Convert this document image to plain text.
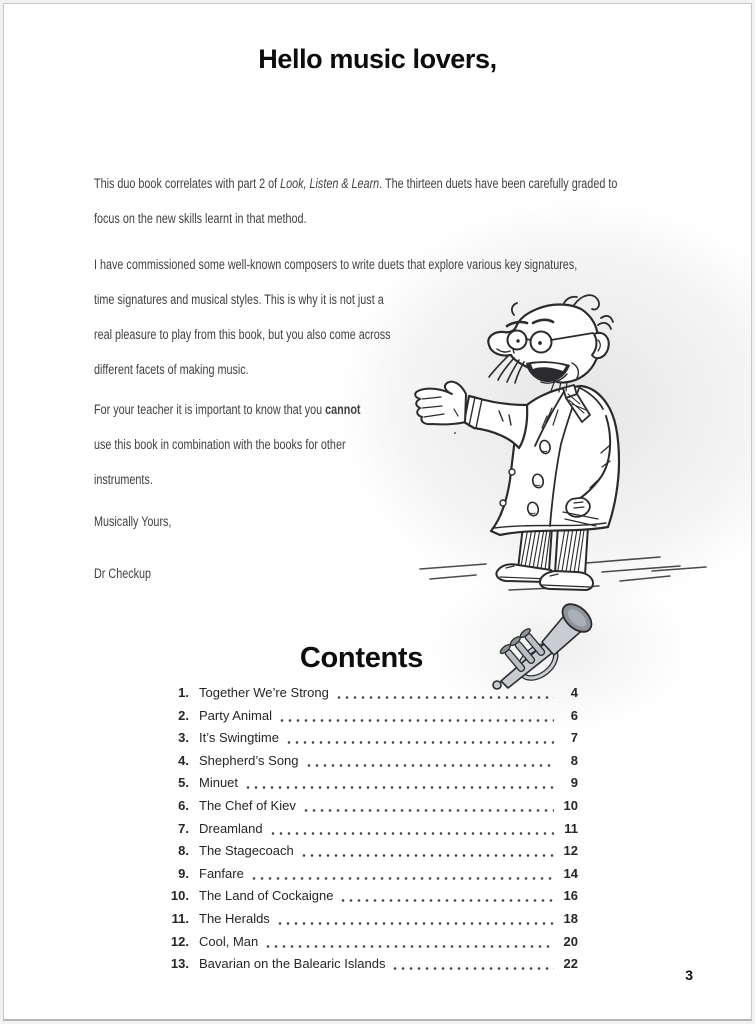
Hello music lovers,
This duo book correlates with part 2 of Look, Listen & Learn. The thirteen duets have been carefully graded to
focus on the new skills learnt in that method.
I have commissioned some well-known composers to write duets that explore various key signatures,
time signatures and musical styles. This is why it is not just a
real pleasure to play from this book, but you also come across
different facets of making music.
For your teacher it is important to know that you cannot
use this book in combination with the books for other
instruments.
Musically Yours,
Dr Checkup
Contents
1. Together We’re Strong	4
2. Party Animal	6
3. It’s Swingtime	7
4. Shepherd’s Song	8
5. Minuet	9
6. The Chef of Kiev	10
7. Dreamland	11
8. The Stagecoach	12
9. Fanfare	14
10. The Land of Cockaigne	16
11. The Heralds	18
12. Cool, Man	20
13. Bavarian on the Balearic Islands	22
3
